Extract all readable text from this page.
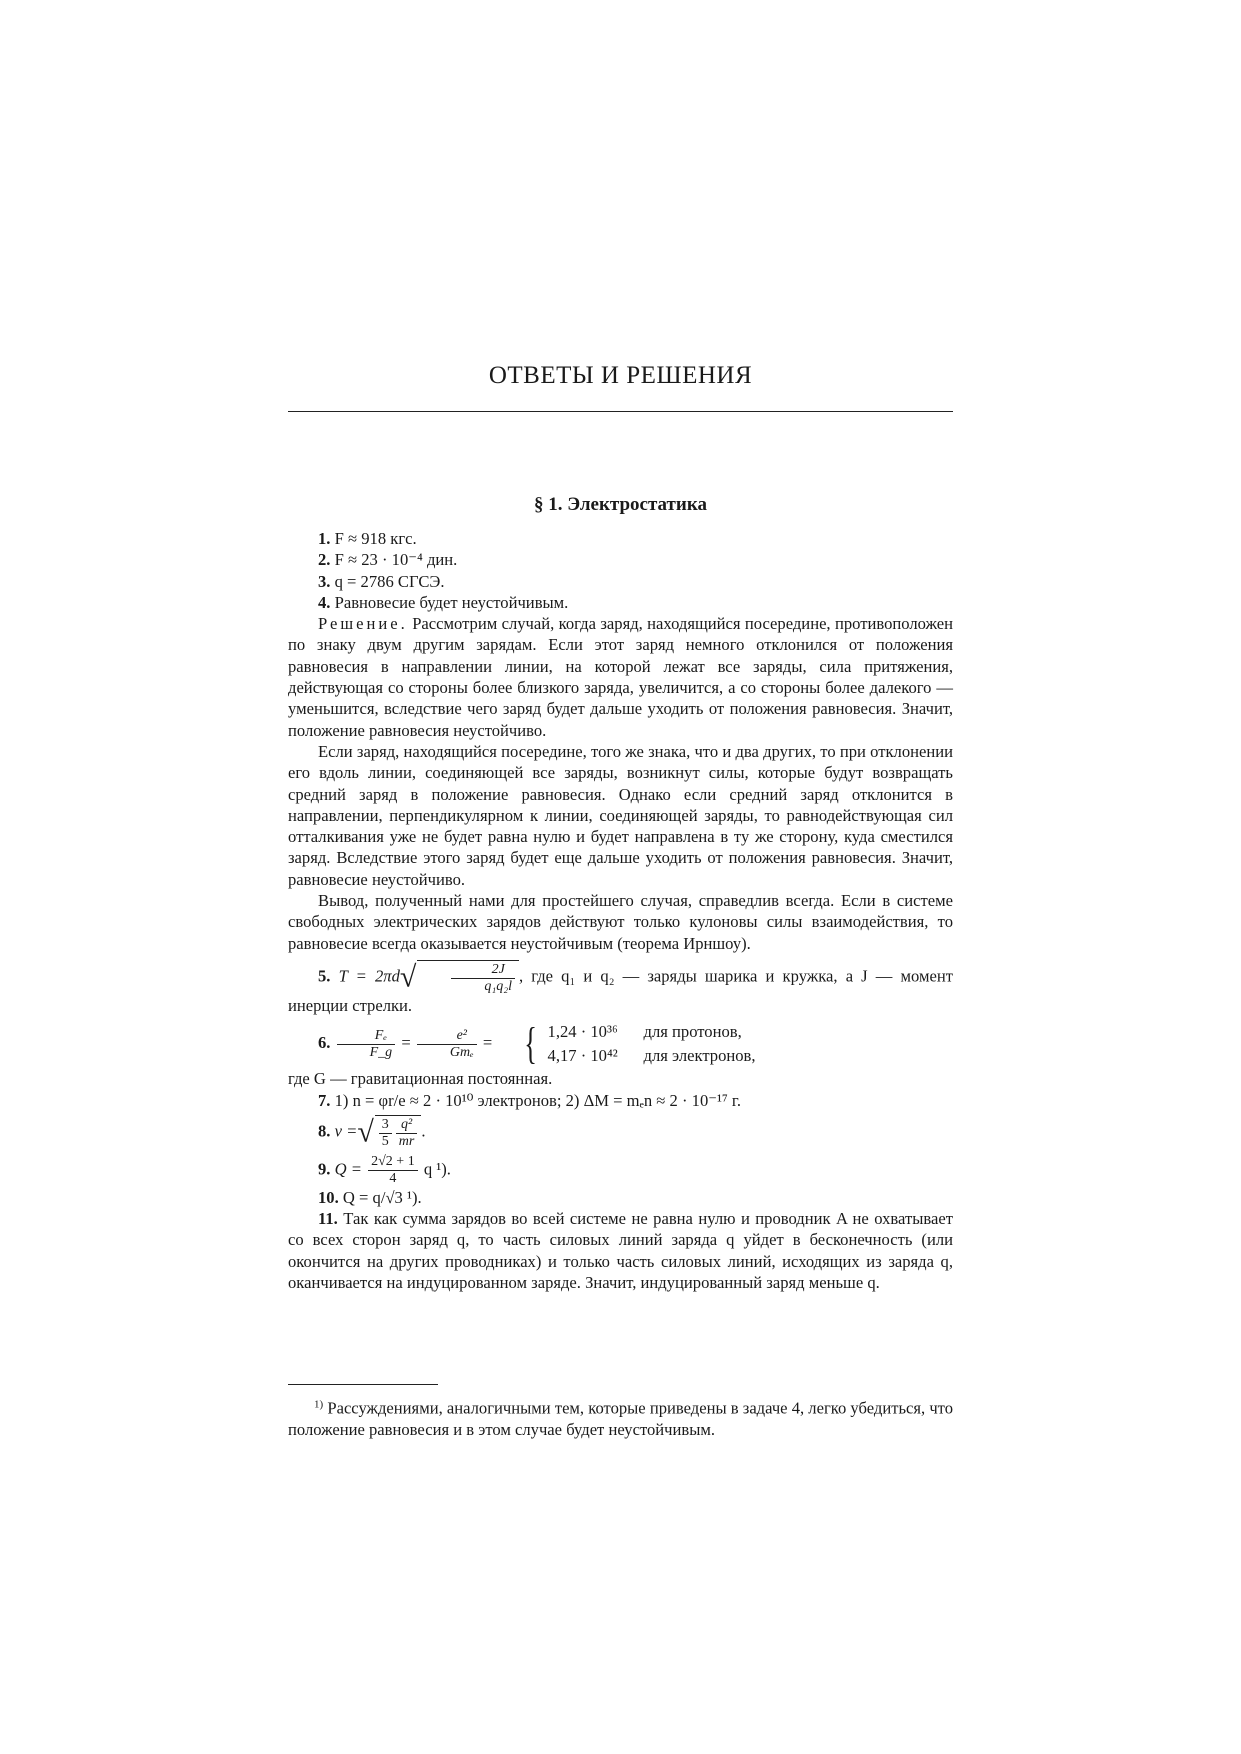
ОТВЕТЫ И РЕШЕНИЯ
§ 1. Электростатика

1. F ≈ 918 кгс.

2. F ≈ 23 · 10⁻⁴ дин.

3. q = 2786 СГСЭ.

4. Равновесие будет неустойчивым.

Решение. Рассмотрим случай, когда заряд, находящийся посередине, противоположен по знаку двум другим зарядам. Если этот заряд немного отклонился от положения равновесия в направлении линии, на которой лежат все заряды, сила притяжения, действующая со стороны более близкого заряда, увеличится, а со стороны более далекого — уменьшится, вследствие чего заряд будет дальше уходить от положения равновесия. Значит, положение равновесия неустойчиво.

Если заряд, находящийся посередине, того же знака, что и два других, то при отклонении его вдоль линии, соединяющей все заряды, возникнут силы, которые будут возвращать средний заряд в положение равновесия. Однако если средний заряд отклонится в направлении, перпендикулярном к линии, соединяющей заряды, то равнодействующая сил отталкивания уже не будет равна нулю и будет направлена в ту же сторону, куда сместился заряд. Вследствие этого заряд будет еще дальше уходить от положения равновесия. Значит, равновесие неустойчиво.

Вывод, полученный нами для простейшего случая, справедлив всегда. Если в системе свободных электрических зарядов действуют только кулоновы силы взаимодействия, то равновесие всегда оказывается неустойчивым (теорема Ирншоу).

5. T = 2πd√	$\frac{2J}{\text{q₁q₂l}}$ , где q₁ и q₂ — заряды шарика и кружка, а J — момент инерции стрелки.

6. $\frac{\text{Fₑ}}{F\_g} = \frac{\text{e²}}{\text{Gmₑ}}$ = { 1,24 · 10³⁶ для протонов,
4,17 · 10⁴² для электронов,

где G — гравитационная постоянная.

7. 1) n = φr/e ≈ 2 · 10¹⁰ электронов; 2) ΔM = mₑn ≈ 2 · 10⁻¹⁷ г.

8. v =√ $\frac{3}{5} \frac{\text{q²}}{mr}$ .
9. $Q = \frac{2√2 + 1}{4}$ q ¹).

10. Q = q/√3 ¹).

11. Так как сумма зарядов во всей системе не равна нулю и проводник A не охватывает со всех сторон заряд q, то часть силовых линий заряда q уйдет в бесконечность (или окончится на других проводниках) и только часть силовых линий, исходящих из заряда q, оканчивается на индуцированном заряде. Значит, индуцированный заряд меньше q.

$^{1)}$ Рассуждениями, аналогичными тем, которые приведены в задаче 4, легко убедиться, что положение равновесия и в этом случае будет неустойчивым.
